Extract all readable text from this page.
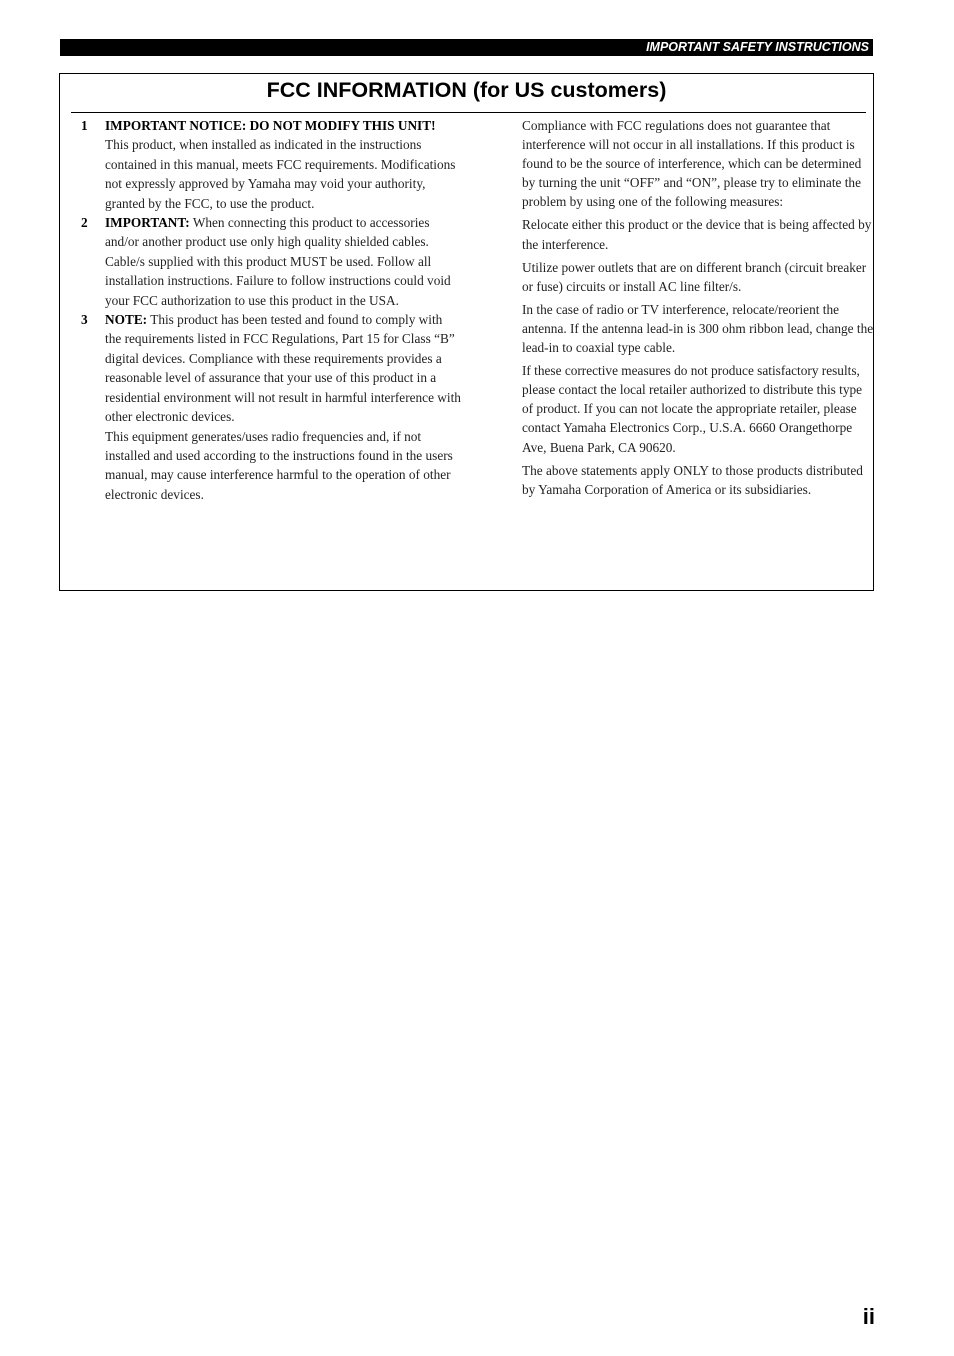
IMPORTANT SAFETY INSTRUCTIONS
FCC INFORMATION (for US customers)
1	IMPORTANT NOTICE: DO NOT MODIFY THIS UNIT!
This product, when installed as indicated in the instructions contained in this manual, meets FCC requirements. Modifications not expressly approved by Yamaha may void your authority, granted by the FCC, to use the product.
2	IMPORTANT: When connecting this product to accessories and/or another product use only high quality shielded cables. Cable/s supplied with this product MUST be used. Follow all installation instructions. Failure to follow instructions could void your FCC authorization to use this product in the USA.
3	NOTE: This product has been tested and found to comply with the requirements listed in FCC Regulations, Part 15 for Class “B” digital devices. Compliance with these requirements provides a reasonable level of assurance that your use of this product in a residential environment will not result in harmful interference with other electronic devices.
This equipment generates/uses radio frequencies and, if not installed and used according to the instructions found in the users manual, may cause interference harmful to the operation of other electronic devices.

Compliance with FCC regulations does not guarantee that interference will not occur in all installations. If this product is found to be the source of interference, which can be determined by turning the unit “OFF” and “ON”, please try to eliminate the problem by using one of the following measures:

Relocate either this product or the device that is being affected by the interference.

Utilize power outlets that are on different branch (circuit breaker or fuse) circuits or install AC line filter/s.

In the case of radio or TV interference, relocate/reorient the antenna. If the antenna lead-in is 300 ohm ribbon lead, change the lead-in to coaxial type cable.

If these corrective measures do not produce satisfactory results, please contact the local retailer authorized to distribute this type of product. If you can not locate the appropriate retailer, please contact Yamaha Electronics Corp., U.S.A. 6660 Orangethorpe Ave, Buena Park, CA 90620.

The above statements apply ONLY to those products distributed by Yamaha Corporation of America or its subsidiaries.

ii
